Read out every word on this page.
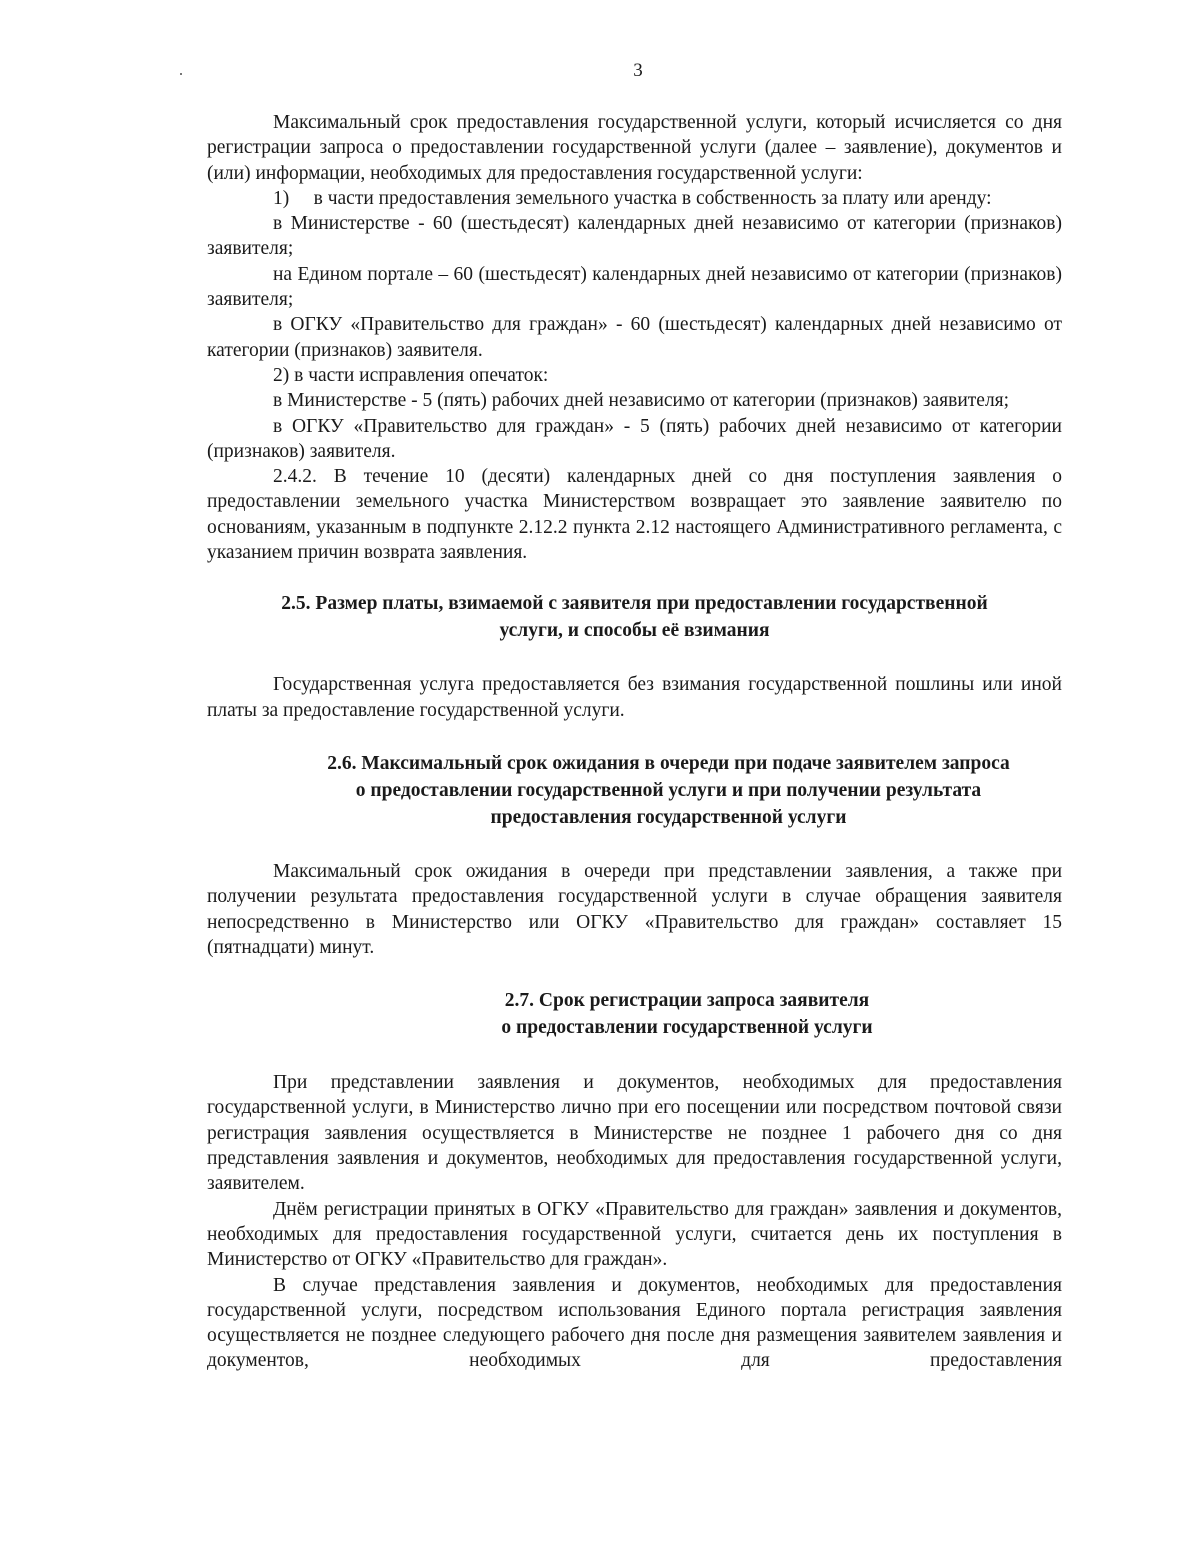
3

Максимальный срок предоставления государственной услуги, который исчисляется со дня регистрации запроса о предоставлении государственной услуги (далее – заявление), документов и (или) информации, необходимых для предоставления государственной услуги:

1)     в части предоставления земельного участка в собственность за плату или аренду:

в Министерстве - 60 (шестьдесят) календарных дней независимо от категории (признаков) заявителя;

на Едином портале – 60 (шестьдесят) календарных дней независимо от категории (признаков) заявителя;

в ОГКУ «Правительство для граждан» - 60 (шестьдесят) календарных дней независимо от категории (признаков) заявителя.

2) в части исправления опечаток:

в Министерстве - 5 (пять) рабочих дней независимо от категории (признаков) заявителя;

в ОГКУ «Правительство для граждан» - 5 (пять) рабочих дней независимо от категории (признаков) заявителя.

2.4.2. В течение 10 (десяти) календарных дней со дня поступления заявления о предоставлении земельного участка Министерством возвращает это заявление заявителю по основаниям, указанным в подпункте 2.12.2 пункта 2.12 настоящего Административного регламента, с указанием причин возврата заявления.

2.5. Размер платы, взимаемой с заявителя при предоставлении государственной
услуги, и способы её взимания

Государственная услуга предоставляется без взимания государственной пошлины или иной платы за предоставление государственной услуги.

2.6. Максимальный срок ожидания в очереди при подаче заявителем запроса
о предоставлении государственной услуги и при получении результата
предоставления государственной услуги

Максимальный срок ожидания в очереди при представлении заявления, а также при получении результата предоставления государственной услуги в случае обращения заявителя непосредственно в Министерство или ОГКУ «Правительство для граждан» составляет 15 (пятнадцати) минут.

2.7. Срок регистрации запроса заявителя
о предоставлении государственной услуги

При представлении заявления и документов, необходимых для предоставления государственной услуги, в Министерство лично при его посещении или посредством почтовой связи регистрация заявления осуществляется в Министерстве не позднее 1 рабочего дня со дня представления заявления и документов, необходимых для предоставления государственной услуги, заявителем.

Днём регистрации принятых в ОГКУ «Правительство для граждан» заявления и документов, необходимых для предоставления государственной услуги, считается день их поступления в Министерство от ОГКУ «Правительство для граждан».

В случае представления заявления и документов, необходимых для предоставления государственной услуги, посредством использования Единого портала регистрация заявления осуществляется не позднее следующего рабочего дня после дня размещения заявителем заявления и документов, необходимых для предоставления
